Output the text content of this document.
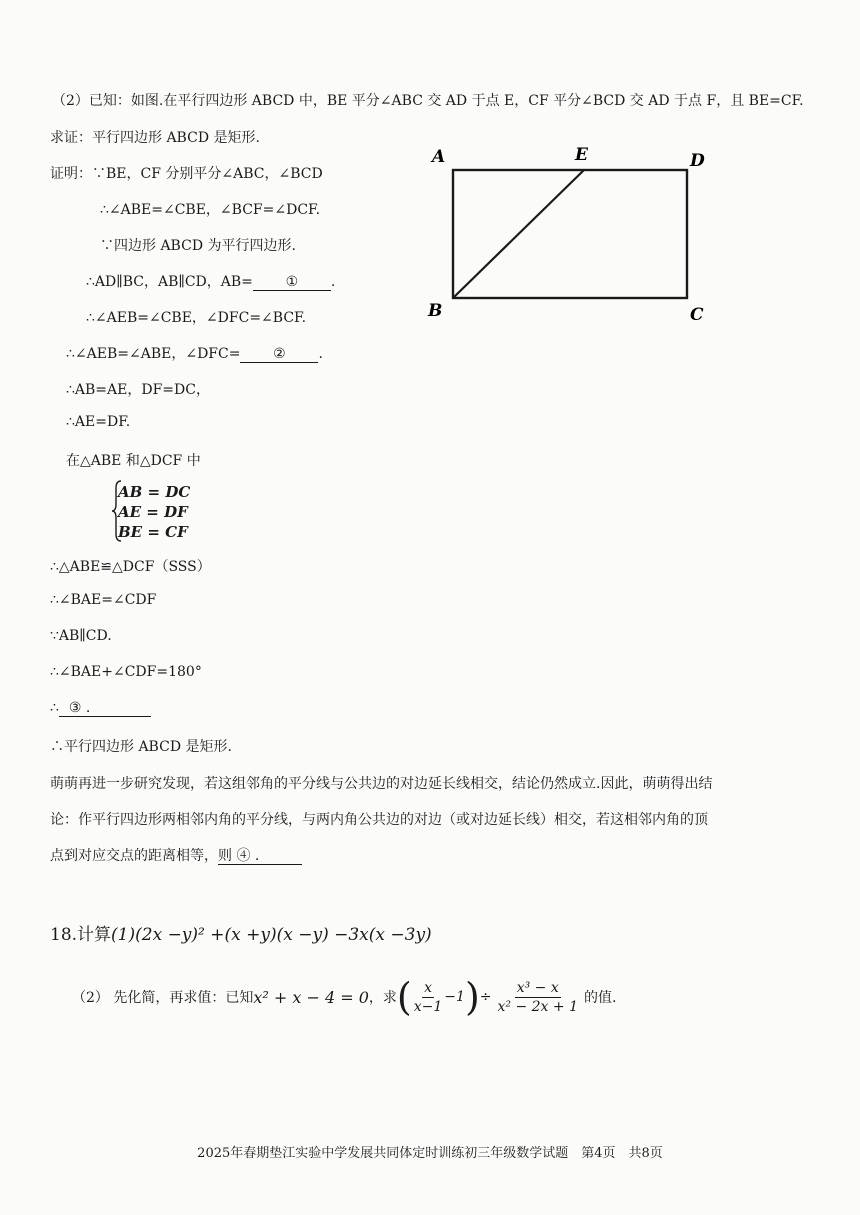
（2）已知：如图.在平行四边形 ABCD 中，BE 平分∠ABC 交 AD 于点 E，CF 平分∠BCD 交 AD 于点 F，且 BE=CF.
求证：平行四边形 ABCD 是矩形.
证明：∵BE，CF 分别平分∠ABC，∠BCD
∴∠ABE=∠CBE，∠BCF=∠DCF.
∵四边形 ABCD 为平行四边形.
∴AD∥BC，AB∥CD，AB= ① .
∴∠AEB=∠CBE，∠DFC=∠BCF.
∴∠AEB=∠ABE，∠DFC= ② .
∴AB=AE，DF=DC，
∴AE=DF.
在△ABE 和△DCF 中
AB = DC
AE = DF
BE = CF
∴△ABE≌△DCF（SSS）
∴∠BAE=∠CDF
∵AB∥CD.
∴∠BAE+∠CDF=180°
∴ ③ .
∴平行四边形 ABCD 是矩形.
萌萌再进一步研究发现，若这组邻角的平分线与公共边的对边延长线相交，结论仍然成立.因此，萌萌得出结
论：作平行四边形两相邻内角的平分线，与两内角公共边的对边（或对边延长线）相交，若这相邻内角的顶
点到对应交点的距离相等，则 ④ .
A	E	D
B	C
18.计算(1)(2x −y)² +(x +y)(x −y) −3x(x −3y)
（2） 先化简，再求值：已知 x² + x − 4 = 0 ，求 ( $\frac{x}{x-1} -1$ ) ÷ $\frac{\text{x³ − x}}{\text{x² − 2x + 1}}$ 的值.
2025年春期垫江实验中学发展共同体定时训练初三年级数学试题　第4页　共8页
